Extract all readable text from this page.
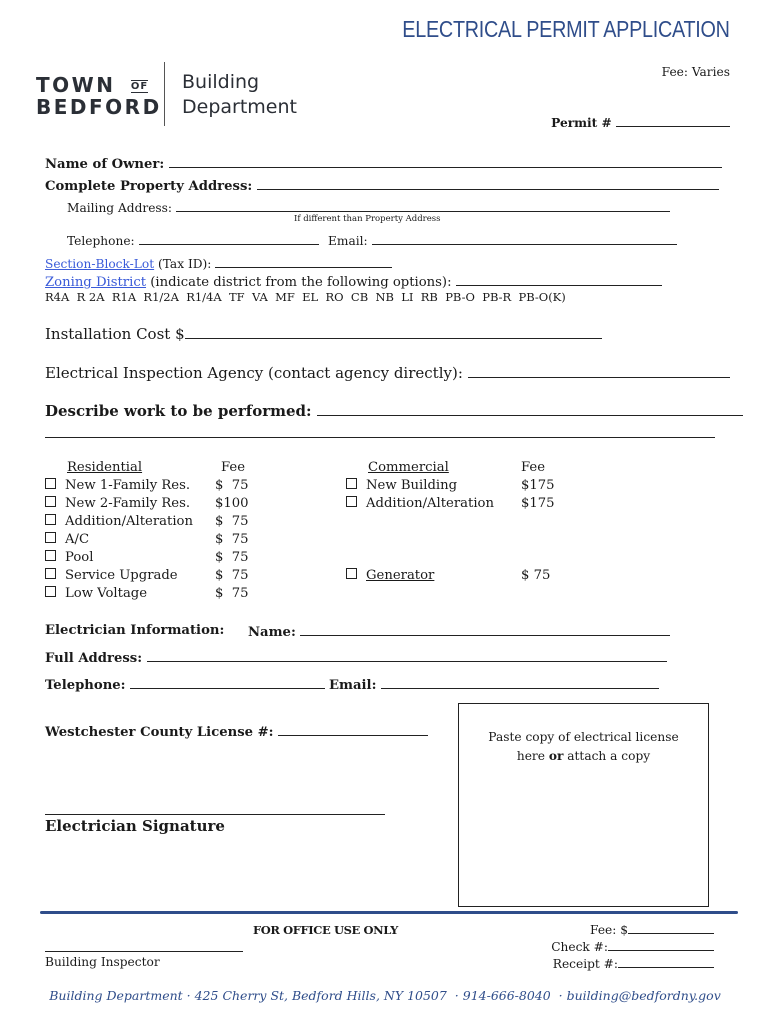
ELECTRICAL PERMIT APPLICATION
Fee: Varies
TOWN OF
BEDFORD
Building
Department
Permit #
Name of Owner:
Complete Property Address:
Mailing Address:
If different than Property Address
Telephone:	Email:
Section-Block-Lot (Tax ID):
Zoning District (indicate district from the following options):
R4A  R 2A  R1A  R1/2A  R1/4A  TF  VA  MF  EL  RO  CB  NB  LI  RB  PB-O  PB-R  PB-O(K)
Installation Cost $
Electrical Inspection Agency (contact agency directly):
Describe work to be performed:
Residential	Fee
New 1-Family Res. $  75
New 2-Family Res. $100
Addition/Alteration $  75
A/C	$  75
Pool	$  75
Service Upgrade	$  75
Low Voltage	$  75
Commercial	Fee
New Building	$175
Addition/Alteration $175
Generator	$ 75
Electrician Information: Name:
Full Address:
Telephone:	Email:
Westchester County License #:	Paste copy of electrical license
here or attach a copy
Electrician Signature
FOR OFFICE USE ONLY
Building Inspector
Fee: $
Check #:
Receipt #:
Building Department · 425 Cherry St, Bedford Hills, NY 10507  · 914-666-8040  · building@bedfordny.gov
